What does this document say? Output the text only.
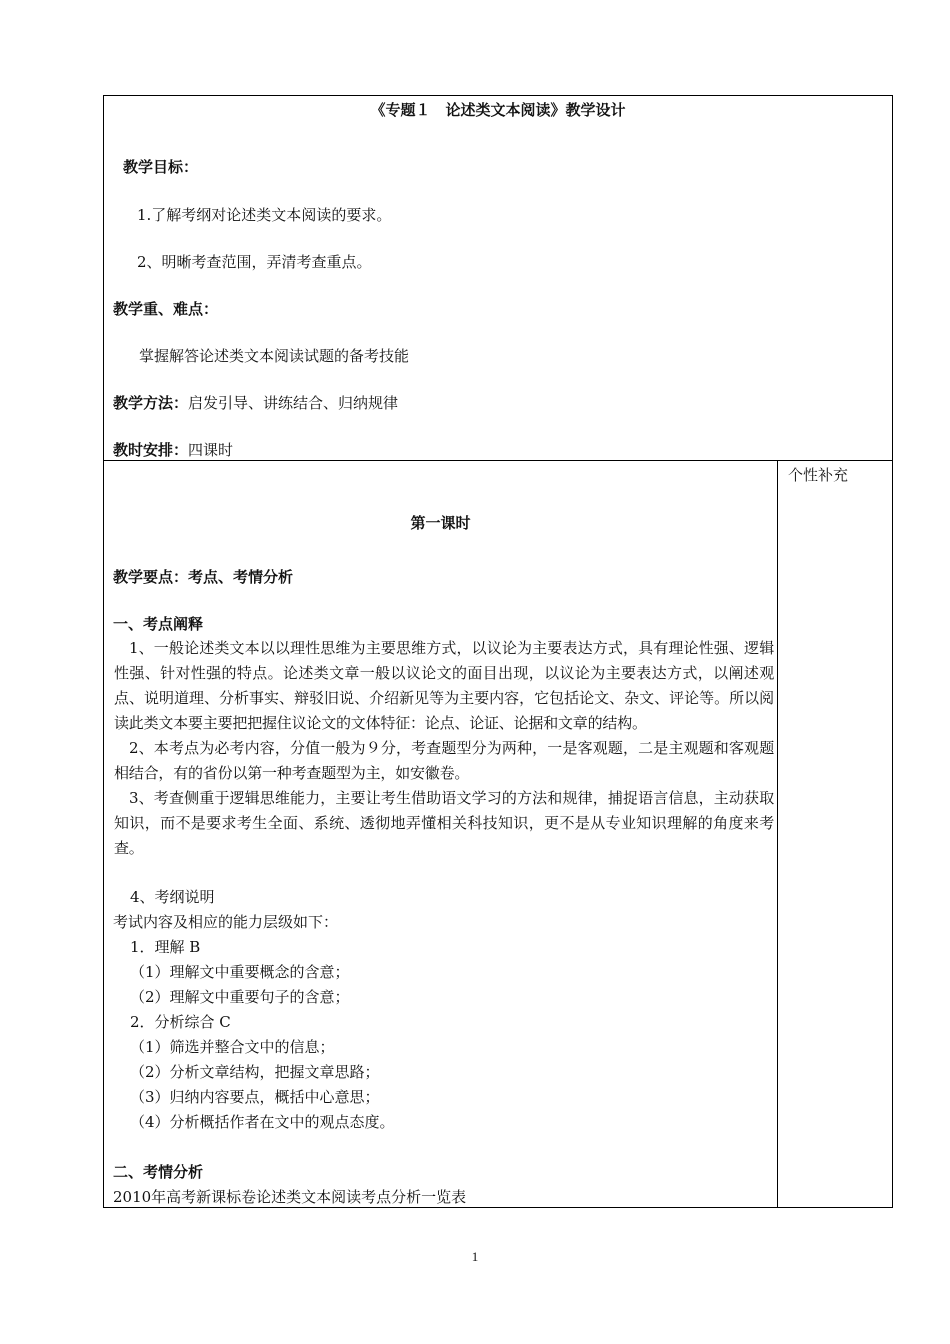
《专题１　论述类文本阅读》教学设计
教学目标：
1.了解考纲对论述类文本阅读的要求。
2、明晰考查范围，弄清考查重点。
教学重、难点：
掌握解答论述类文本阅读试题的备考技能
教学方法：启发引导、讲练结合、归纳规律
教时安排：四课时
个性补充
第一课时
教学要点：考点、考情分析
一、考点阐释

1、一般论述类文本以以理性思维为主要思维方式，以议论为主要表达方式，具有理论性强、逻辑性强、针对性强的特点。论述类文章一般以议论文的面目出现，以议论为主要表达方式，以阐述观点、说明道理、分析事实、辩驳旧说、介绍新见等为主要内容，它包括论文、杂文、评论等。所以阅读此类文本要主要把把握住议论文的文体特征：论点、论证、论据和文章的结构。

2、本考点为必考内容，分值一般为９分，考查题型分为两种，一是客观题，二是主观题和客观题相结合，有的省份以第一种考查题型为主，如安徽卷。

3、考查侧重于逻辑思维能力，主要让考生借助语文学习的方法和规律，捕捉语言信息，主动获取知识，而不是要求考生全面、系统、透彻地弄懂相关科技知识，更不是从专业知识理解的角度来考查。

4、考纲说明
考试内容及相应的能力层级如下：
1．理解 B
（1）理解文中重要概念的含意；
（2）理解文中重要句子的含意；
2．分析综合 C
（1）筛选并整合文中的信息；
（2）分析文章结构，把握文章思路；
（3）归纳内容要点，概括中心意思；
（4）分析概括作者在文中的观点态度。
二、考情分析
2010年高考新课标卷论述类文本阅读考点分析一览表
1
